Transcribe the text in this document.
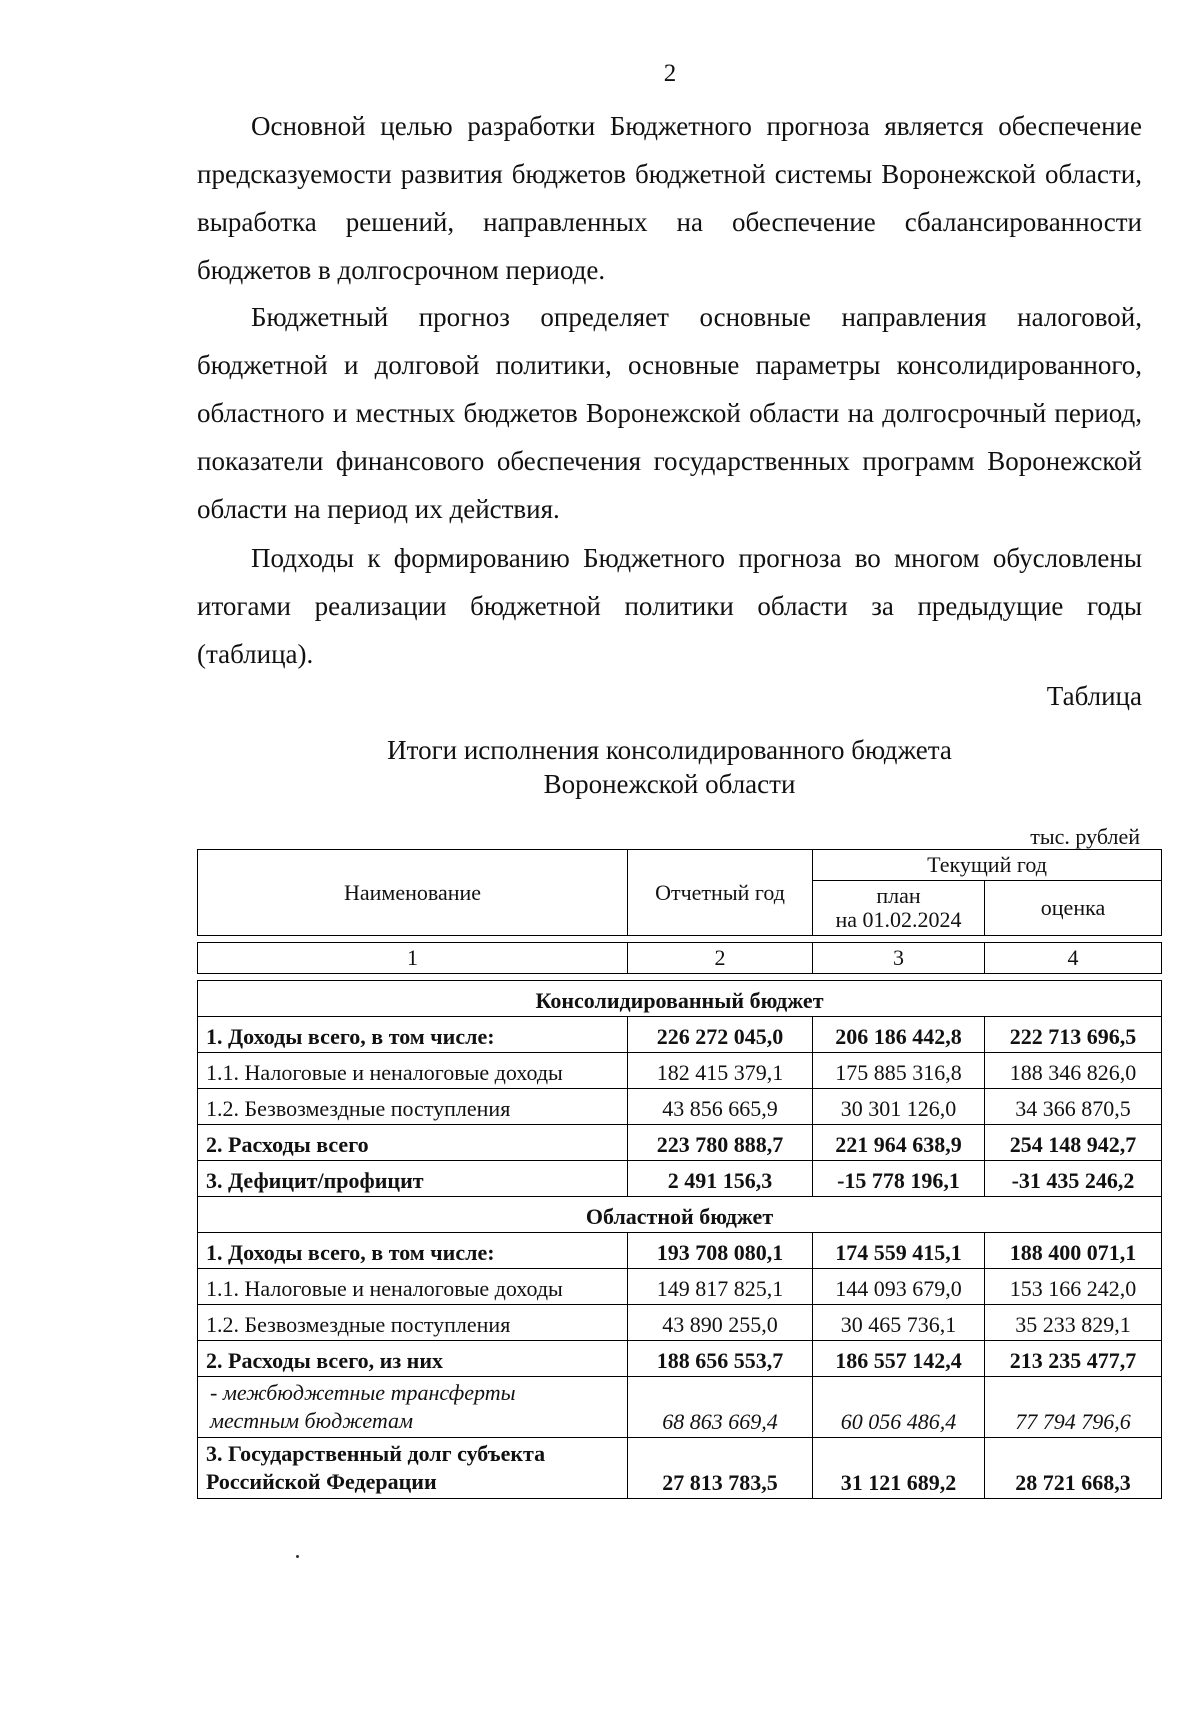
2

Основной целью разработки Бюджетного прогноза является обеспечение предсказуемости развития бюджетов бюджетной системы Воронежской области, выработка решений, направленных на обеспечение сбалансированности бюджетов в долгосрочном периоде.

Бюджетный прогноз определяет основные направления налоговой, бюджетной и долговой политики, основные параметры консолидированного, областного и местных бюджетов Воронежской области на долгосрочный период, показатели финансового обеспечения государственных программ Воронежской области на период их действия.

Подходы к формированию Бюджетного прогноза во многом обусловлены итогами реализации бюджетной политики области за предыдущие годы (таблица).

Таблица
Итоги исполнения консолидированного бюджета
Воронежской области
тыс. рублей
Наименование	Отчетный год	Текущий год	

		план
на 01.02.2024	оценка

1	2	3	4

Консолидированный бюджет			
1. Доходы всего, в том числе:	226 272 045,0	206 186 442,8	222 713 696,5
1.1. Налоговые и неналоговые доходы	182 415 379,1	175 885 316,8	188 346 826,0
1.2. Безвозмездные поступления	43 856 665,9	30 301 126,0	34 366 870,5
2. Расходы всего	223 780 888,7	221 964 638,9	254 148 942,7
3. Дефицит/профицит	2 491 156,3	-15 778 196,1	-31 435 246,2
Областной бюджет			
1. Доходы всего, в том числе:	193 708 080,1	174 559 415,1	188 400 071,1
1.1. Налоговые и неналоговые доходы	149 817 825,1	144 093 679,0	153 166 242,0
1.2. Безвозмездные поступления	43 890 255,0	30 465 736,1	35 233 829,1
2. Расходы всего, из них	188 656 553,7	186 557 142,4	213 235 477,7

- межбюджетные трансферты
местным бюджетам	68 863 669,4	60 056 486,4	77 794 796,6

3. Государственный долг субъекта
Российской Федерации	27 813 783,5	31 121 689,2	28 721 668,3
